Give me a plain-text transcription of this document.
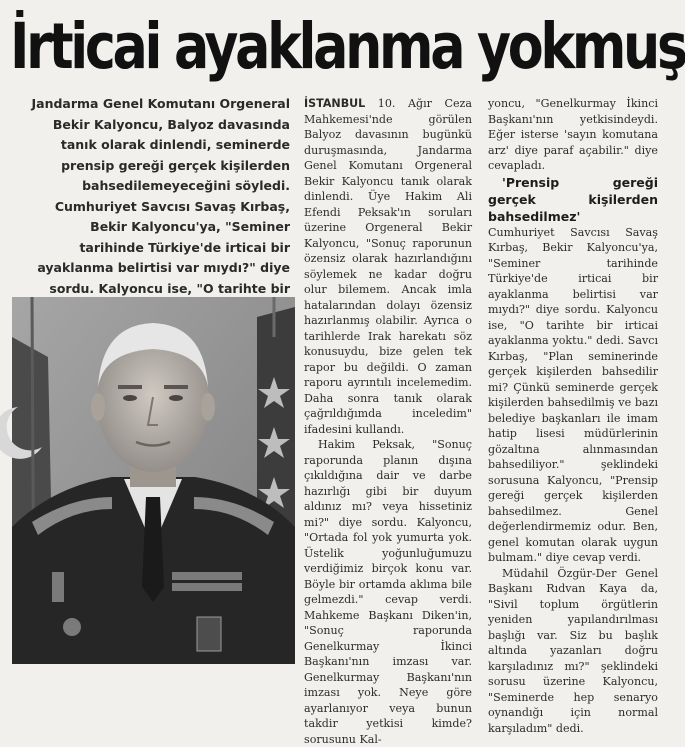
İrticai ayaklanma yokmuş

Jandarma Genel Komutanı Orgeneral Bekir Kalyoncu, Balyoz davasında tanık olarak dinlendi, seminerde prensip gereği gerçek kişilerden bahsedilemeyeceğini söyledi. Cumhuriyet Savcısı Savaş Kırbaş, Bekir Kalyoncu'ya, "Seminer tarihinde Türkiye'de irticai bir ayaklanma belirtisi var mıydı?" diye sordu. Kalyoncu ise, "O tarihte bir

İSTANBUL 10. Ağır Ceza Mahkemesi'nde görülen Balyoz davasının bugünkü duruşmasında, Jandarma Genel Komutanı Orgeneral Bekir Kalyoncu tanık olarak dinlendi. Üye Hakim Ali Efendi Peksak'ın soruları üzerine Orgeneral Bekir Kalyoncu, "Sonuç raporunun özensiz olarak hazırlandığını söylemek ne kadar doğru olur bilemem. Ancak imla hatalarından dolayı özensiz hazırlanmış olabilir. Ayrıca o tarihlerde Irak harekatı söz konusuydu, bize gelen tek rapor bu değildi. O zaman raporu ayrıntılı incelemedim. Daha sonra tanık olarak çağrıldığımda inceledim" ifadesini kullandı.

Hakim Peksak, "Sonuç raporunda planın dışına çıkıldığına dair ve darbe hazırlığı gibi bir duyum aldınız mı? veya hissetiniz mi?" diye sordu. Kalyoncu, "Ortada fol yok yumurta yok. Üstelik yoğunluğumuzu verdiğimiz birçok konu var. Böyle bir ortamda aklıma bile gelmezdi." cevap verdi. Mahkeme Başkanı Diken'in, "Sonuç raporunda Genelkurmay İkinci Başkanı'nın imzası var. Genelkurmay Başkanı'nın imzası yok. Neye göre ayarlanıyor veya bunun takdir yetkisi kimde? sorusunu Kal-

yoncu, "Genelkurmay İkinci Başkanı'nın yetkisindeydi. Eğer isterse 'sayın komutana arz' diye paraf açabilir." diye cevapladı.

'Prensip gereği gerçek kişilerden bahsedilmez'

Cumhuriyet Savcısı Savaş Kırbaş, Bekir Kalyoncu'ya, "Seminer tarihinde Türkiye'de irticai bir ayaklanma belirtisi var mıydı?" diye sordu. Kalyoncu ise, "O tarihte bir irticai ayaklanma yoktu." dedi. Savcı Kırbaş, "Plan seminerinde gerçek kişilerden bahsedilir mi? Çünkü seminerde gerçek kişilerden bahsedilmiş ve bazı belediye başkanları ile imam hatip lisesi müdürlerinin gözaltına alınmasından bahsediliyor." şeklindeki sorusuna Kalyoncu, "Prensip gereği gerçek kişilerden bahsedilmez. Genel değerlendirmemiz odur. Ben, genel komutan olarak uygun bulmam." diye cevap verdi.

Müdahil Özgür-Der Genel Başkanı Rıdvan Kaya da, "Sivil toplum örgütlerin yeniden yapılandırılması başlığı var. Siz bu başlık altında yazanları doğru karşıladınız mı?" şeklindeki sorusu üzerine Kalyoncu, "Seminerde hep senaryo oynandığı için normal karşıladım" dedi.
